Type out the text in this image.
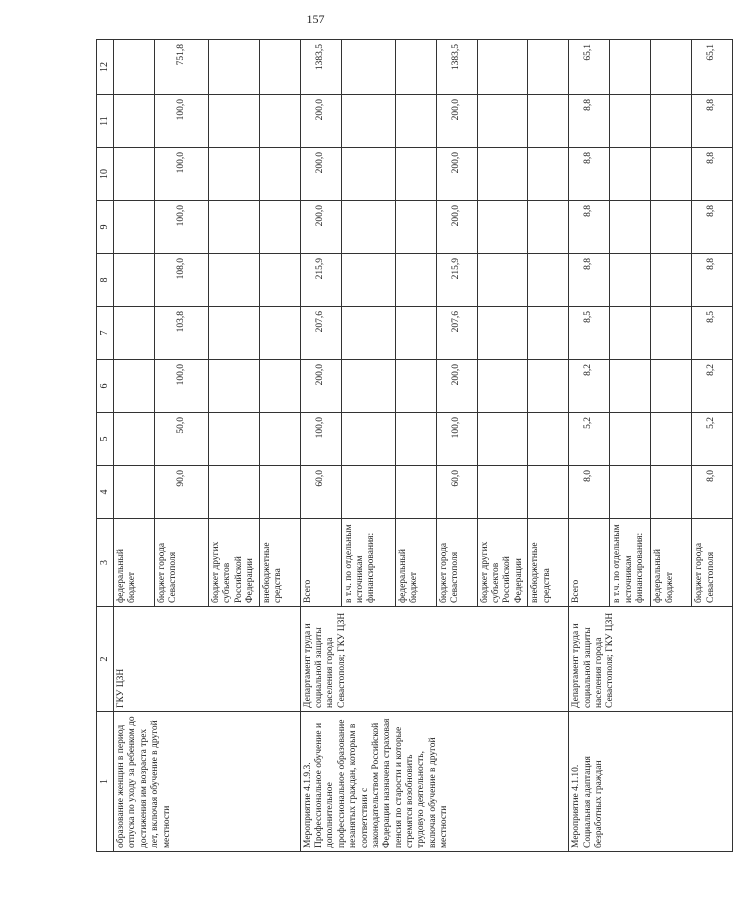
157
1	2	3	4	5	6	7	8	9	10	11	12
образование женщин в период отпуска по уходу за ребенком до достижения им возраста трех лет, включая обучение в другой местности	ГКУ ЦЗН	федеральный бюджет									
		бюджет города Севастополя	90,0	50,0	100,0	103,8	108,0	100,0	100,0	100,0	751,8
		бюджет других субъектов Российской Федерации									
		внебюджетные средства									
Мероприятие 4.1.9.3. Профессиональное обучение и дополнительное профессиональное образование незанятых граждан, которым в соответствии с законодательством Российской Федерации назначена страховая пенсия по старости и которые стремятся возобновить трудовую деятельность, включая обучение в другой местности	Департамент труда и социальной защиты населения города Севастополя; ГКУ ЦЗН	Всего	60,0	100,0	200,0	207,6	215,9	200,0	200,0	200,0	1383,5
		в т.ч. по отдельным источникам финансирования:									
		федеральный бюджет									
		бюджет города Севастополя	60,0	100,0	200,0	207,6	215,9	200,0	200,0	200,0	1383,5
		бюджет других субъектов Российской Федерации									
		внебюджетные средства									
Мероприятие 4.1.10. Социальная адаптация безработных граждан	Департамент труда и социальной защиты населения города Севастополя; ГКУ ЦЗН	Всего	8,0	5,2	8,2	8,5	8,8	8,8	8,8	8,8	65,1
		в т.ч. по отдельным источникам финансирования:									
		федеральный бюджет									
		бюджет города Севастополя	8,0	5,2	8,2	8,5	8,8	8,8	8,8	8,8	65,1
